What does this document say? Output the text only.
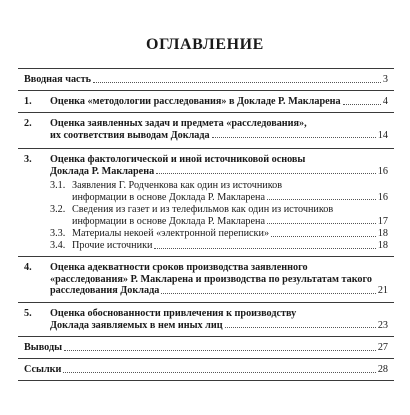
ОГЛАВЛЕНИЕ
Вводная часть	3
1. Оценка «методологии расследования» в Докладе Р. Макларена	4
2. Оценка заявленных задач и предмета «расследования»,
их соответствия выводам Доклада	14
3. Оценка фактологической и иной источниковой основы
Доклада Р. Макларена	16
3.1. Заявления Г. Родченкова как один из источников
информации в основе Доклада Р. Макларена	16
3.2. Сведения из газет и из телефильмов как один из источников
информации в основе Доклада Р. Макларена	17
3.3. Материалы некоей «электронной переписки»	18
3.4. Прочие источники	18
4. Оценка адекватности сроков производства заявленного
«расследования» Р. Макларена и производства по результатам такого
расследования Доклада	21
5. Оценка обоснованности привлечения к производству
Доклада заявляемых в нем иных лиц	23
Выводы	27
Ссылки	28
